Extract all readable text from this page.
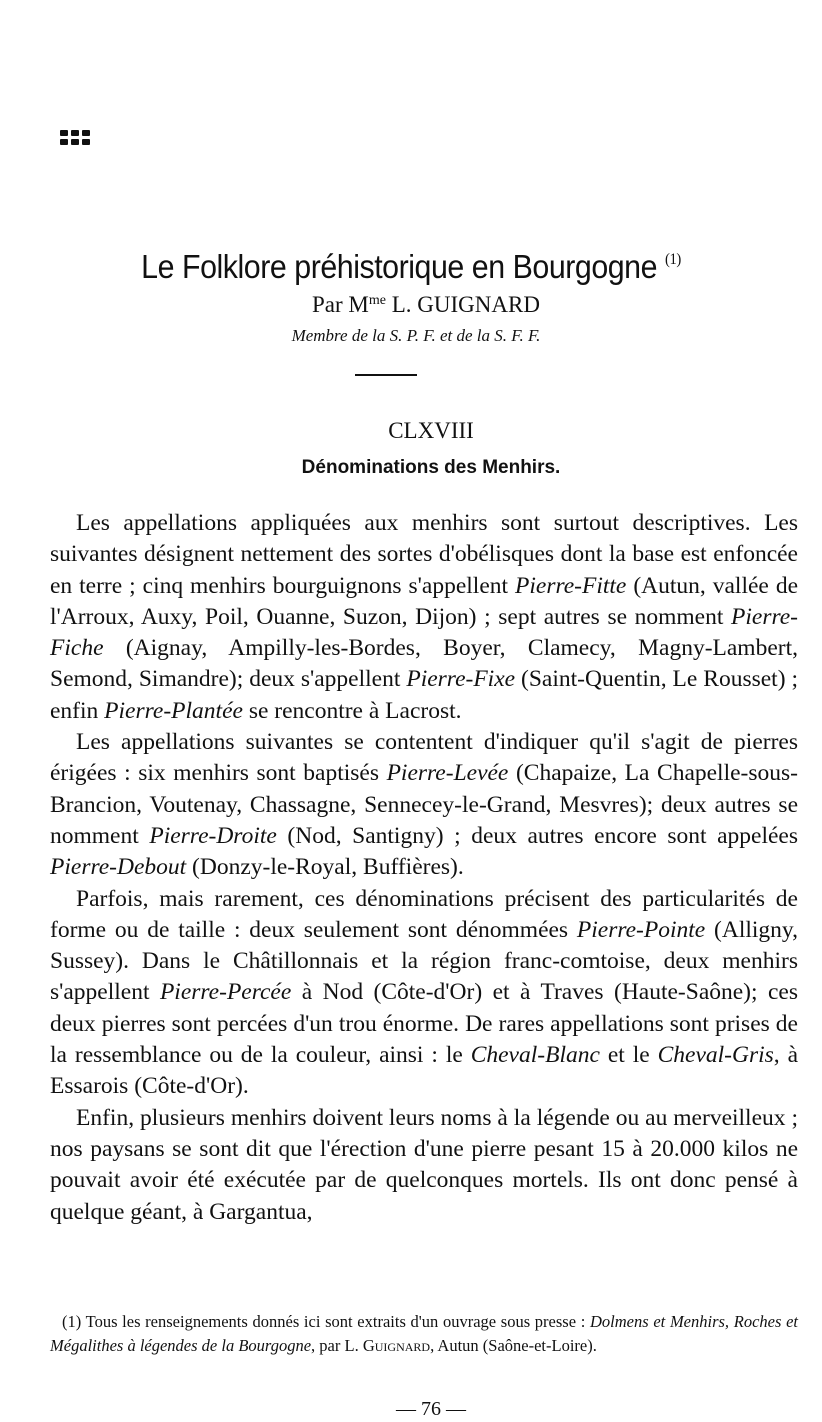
Le Folklore préhistorique en Bourgogne $^{(1)}$
Par $M^{me}$ L. GUIGNARD
Membre de la S. P. F. et de la S. F. F.
CLXVIII
Dénominations des Menhirs.

Les appellations appliquées aux menhirs sont surtout descriptives. Les suivantes désignent nettement des sortes d'obélisques dont la base est enfoncée en terre ; cinq menhirs bourguignons s'appellent Pierre-Fitte (Autun, vallée de l'Arroux, Auxy, Poil, Ouanne, Suzon, Dijon) ; sept autres se nomment Pierre-Fiche (Aignay, Ampilly-les-Bordes, Boyer, Clamecy, Magny-Lambert, Semond, Simandre); deux s'appellent Pierre-Fixe (Saint-Quentin, Le Rousset) ; enfin Pierre-Plantée se rencontre à Lacrost.

Les appellations suivantes se contentent d'indiquer qu'il s'agit de pierres érigées : six menhirs sont baptisés Pierre-Levée (Chapaize, La Chapelle-sous-Brancion, Voutenay, Chassagne, Sennecey-le-Grand, Mesvres); deux autres se nomment Pierre-Droite (Nod, Santigny) ; deux autres encore sont appelées Pierre-Debout (Donzy-le-Royal, Buffières).

Parfois, mais rarement, ces dénominations précisent des particularités de forme ou de taille : deux seulement sont dénommées Pierre-Pointe (Alligny, Sussey). Dans le Châtillonnais et la région franc-comtoise, deux menhirs s'appellent Pierre-Percée à Nod (Côte-d'Or) et à Traves (Haute-Saône); ces deux pierres sont percées d'un trou énorme. De rares appellations sont prises de la ressemblance ou de la couleur, ainsi : le Cheval-Blanc et le Cheval-Gris, à Essarois (Côte-d'Or).

Enfin, plusieurs menhirs doivent leurs noms à la légende ou au merveilleux ; nos paysans se sont dit que l'érection d'une pierre pesant 15 à 20.000 kilos ne pouvait avoir été exécutée par de quelconques mortels. Ils ont donc pensé à quelque géant, à Gargantua,

(1) Tous les renseignements donnés ici sont extraits d'un ouvrage sous presse : Dolmens et Menhirs, Roches et Mégalithes à légendes de la Bourgogne, par L. Guignard, Autun (Saône-et-Loire).

— 76 —
